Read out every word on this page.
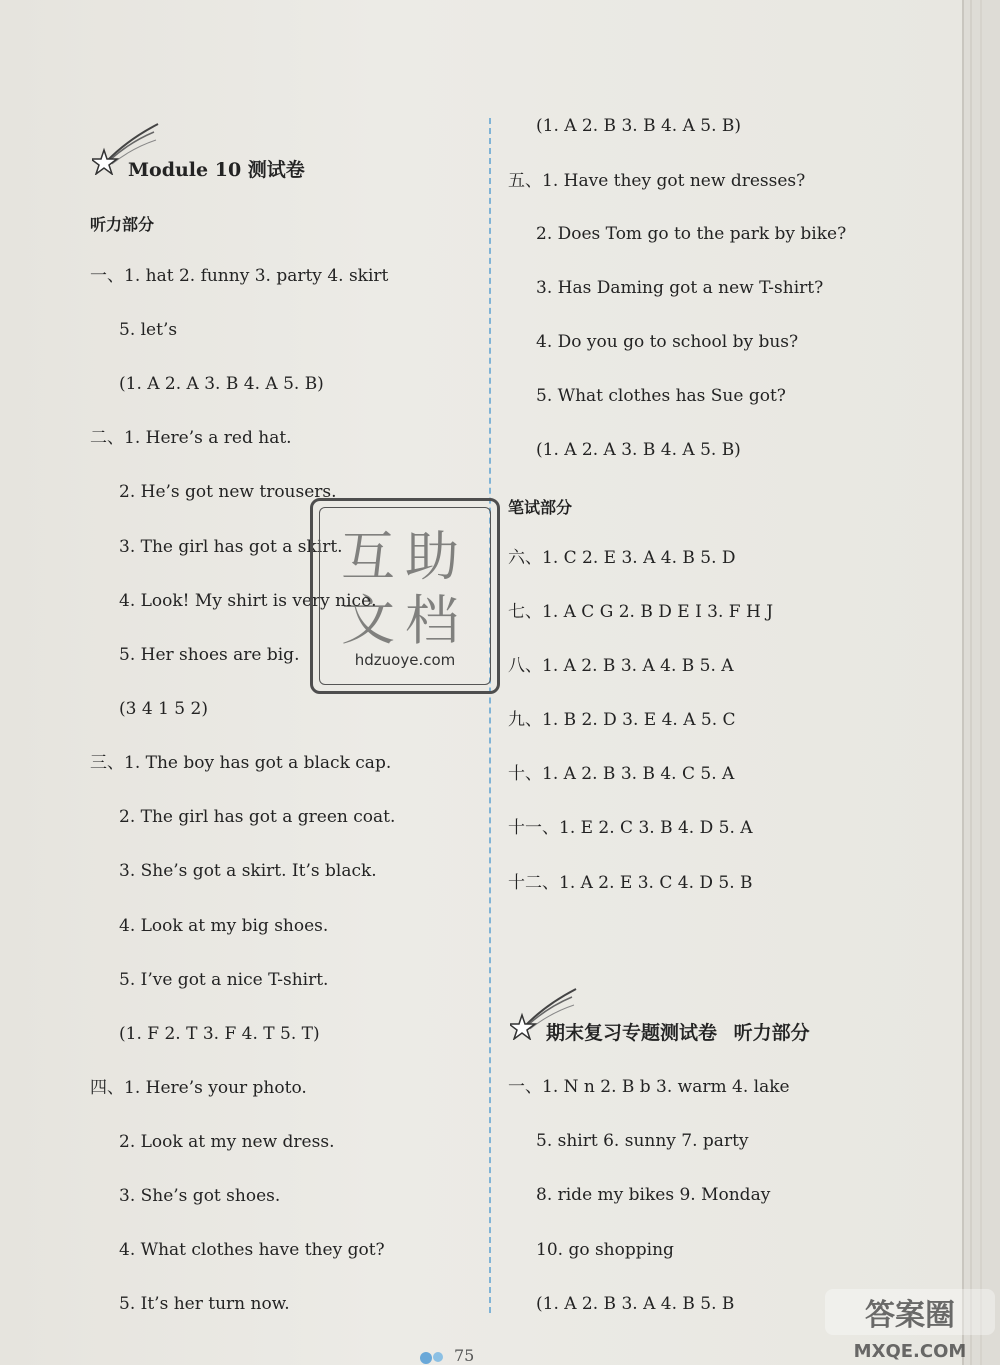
Module 10 测试卷
听力部分
一、1. hat 2. funny 3. party 4. skirt
5. let’s
(1. A 2. A 3. B 4. A 5. B)
二、1. Here’s a red hat.
2. He’s got new trousers.
3. The girl has got a skirt.
4. Look! My shirt is very nice.
5. Her shoes are big.
(3 4 1 5 2)
三、1. The boy has got a black cap.
2. The girl has got a green coat.
3. She’s got a skirt. It’s black.
4. Look at my big shoes.
5. I’ve got a nice T-shirt.
(1. F 2. T 3. F 4. T 5. T)
四、1. Here’s your photo.
2. Look at my new dress.
3. She’s got shoes.
4. What clothes have they got?
5. It’s her turn now.
(1. A 2. B 3. B 4. A 5. B)
五、1. Have they got new dresses?
2. Does Tom go to the park by bike?
3. Has Daming got a new T-shirt?
4. Do you go to school by bus?
5. What clothes has Sue got?
(1. A 2. A 3. B 4. A 5. B)
六、1. C 2. E 3. A 4. B 5. D
七、1. A C G 2. B D E I 3. F H J
八、1. A 2. B 3. A 4. B 5. A
九、1. B 2. D 3. E 4. A 5. C
十、1. A 2. B 3. B 4. C 5. A
十一、1. E 2. C 3. B 4. D 5. A
十二、1. A 2. E 3. C 4. D 5. B
一、1. N n 2. B b 3. warm 4. lake
5. shirt 6. sunny 7. party
8. ride my bikes 9. Monday
10. go shopping
(1. A 2. B 3. A 4. B 5. B
笔试部分
期末复习专题测试卷 听力部分
互助
文档
hdzuoye.com
75
答案圈
MXQE.COM
